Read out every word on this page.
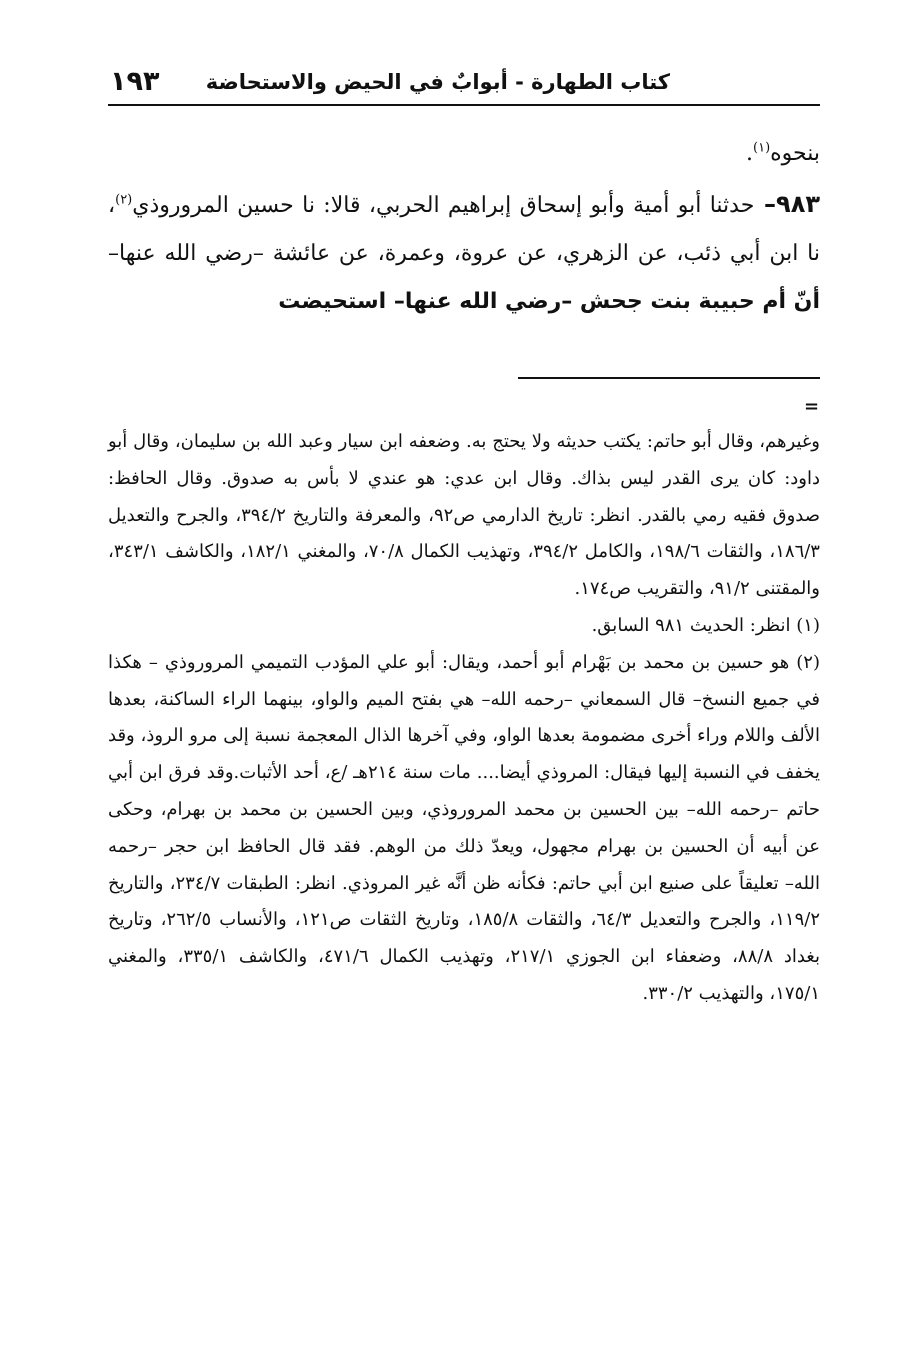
كتاب الطهارة - أبوابٌ في الحيض والاستحاضة
١٩٣

بنحوه$^{(١)}$.

٩٨٣– حدثنا أبو أمية وأبو إسحاق إبراهيم الحربي، قالا: نا حسين المروروذي$^{(٢)}$، نا ابن أبي ذئب، عن الزهري، عن عروة، وعمرة، عن عائشة –رضي الله عنها– أنّ أم حبيبة بنت جحش –رضي الله عنها– استحيضت

=

وغيرهم، وقال أبو حاتم: يكتب حديثه ولا يحتج به. وضعفه ابن سيار وعبد الله بن سليمان، وقال أبو داود: كان يرى القدر ليس بذاك. وقال ابن عدي: هو عندي لا بأس به صدوق. وقال الحافظ: صدوق فقيه رمي بالقدر. انظر: تاريخ الدارمي ص٩٢، والمعرفة والتاريخ ٣٩٤/٢، والجرح والتعديل ١٨٦/٣، والثقات ١٩٨/٦، والكامل ٣٩٤/٢، وتهذيب الكمال ٧٠/٨، والمغني ١٨٢/١، والكاشف ٣٤٣/١، والمقتنى ٩١/٢، والتقريب ص١٧٤.

(١) انظر: الحديث ٩٨١ السابق.

(٢) هو حسين بن محمد بن بَهْرام أبو أحمد، ويقال: أبو علي المؤدب التميمي المروروذي – هكذا في جميع النسخ– قال السمعاني –رحمه الله– هي بفتح الميم والواو، بينهما الراء الساكنة، بعدها الألف واللام وراء أخرى مضمومة بعدها الواو، وفي آخرها الذال المعجمة نسبة إلى مرو الروذ، وقد يخفف في النسبة إليها فيقال: المروذي أيضا.... مات سنة ٢١٤هـ /ع، أحد الأثبات.وقد فرق ابن أبي حاتم –رحمه الله– بين الحسين بن محمد المروروذي، وبين الحسين بن محمد بن بهرام، وحكى عن أبيه أن الحسين بن بهرام مجهول، ويعدّ ذلك من الوهم. فقد قال الحافظ ابن حجر –رحمه الله– تعليقاً على صنيع ابن أبي حاتم: فكأنه ظن أنَّه غير المروذي. انظر: الطبقات ٢٣٤/٧، والتاريخ ١١٩/٢، والجرح والتعديل ٦٤/٣، والثقات ١٨٥/٨، وتاريخ الثقات ص١٢١، والأنساب ٢٦٢/٥، وتاريخ بغداد ٨٨/٨، وضعفاء ابن الجوزي ٢١٧/١، وتهذيب الكمال ٤٧١/٦، والكاشف ٣٣٥/١، والمغني ١٧٥/١، والتهذيب ٣٣٠/٢.
